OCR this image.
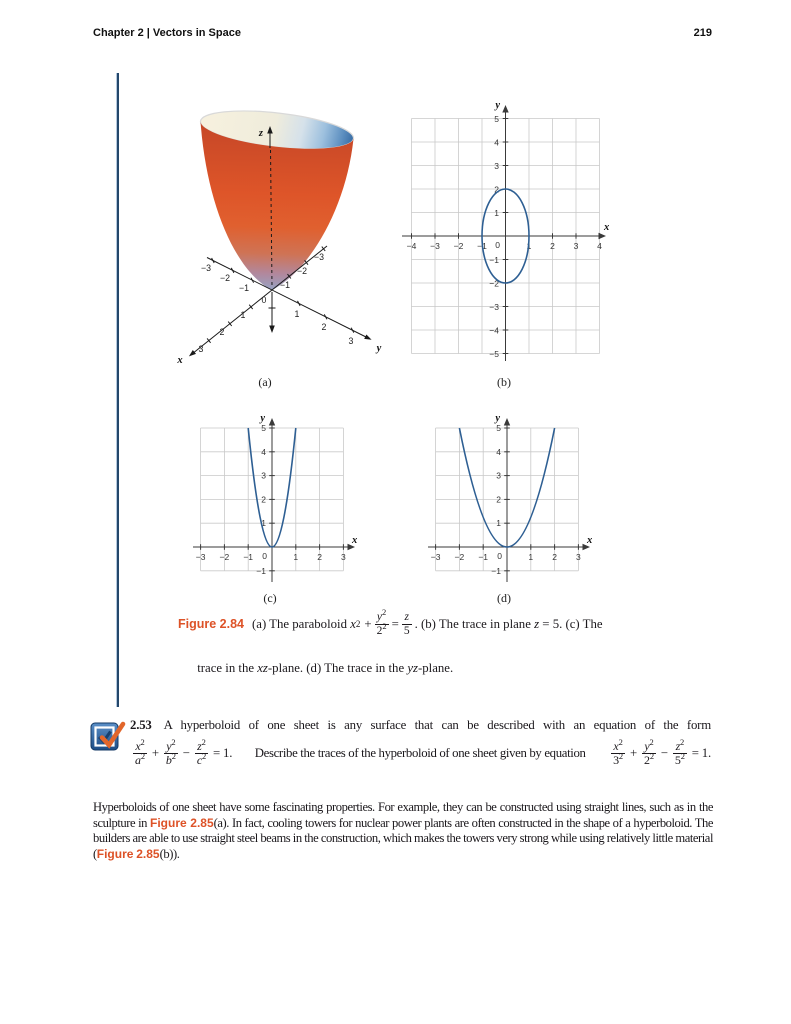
Chapter 2 | Vectors in Space	219
z
x
y
0
1
2
3
−1
−2
−3
1
2
3
−1
−2
−3
−4 −3 −2 −1	1 2 3 4
5
4
3
2
1
−1
−2
−3
−4
−5
0
y
x
−3 −2 −1	1 2 3
0
5
4
3
2
1
−1
y
x
−3 −2 −1	1 2 3
0
5
4
3
2
1
−1
y
x
(a)	(b)
(c)	(d)
Figure 2.84 (a) The paraboloid x $2 + \frac{y^2}{2^2} = \frac{z}{5}$ . (b) The trace in plane z = 5. (c) The

trace in the xz-plane. (d) The trace in the yz-plane.

2.53 A hyperboloid of one sheet is any surface that can be described with an equation of the form
$\frac{x^2}{a^2} + \frac{y^2}{b^2} - \frac{z^2}{c^2} = 1$.	Describe the traces of the hyperboloid of one sheet given by equation	$\frac{x^2}{3^2} + \frac{y^2}{2^2} - \frac{z^2}{5^2} = 1$.
Hyperboloids of one sheet have some fascinating properties. For example, they can be constructed using straight lines, such as in the sculpture in Figure 2.85(a). In fact, cooling towers for nuclear power plants are often constructed in the shape of a hyperboloid. The builders are able to use straight steel beams in the construction, which makes the towers very strong while using relatively little material (Figure 2.85(b)).
